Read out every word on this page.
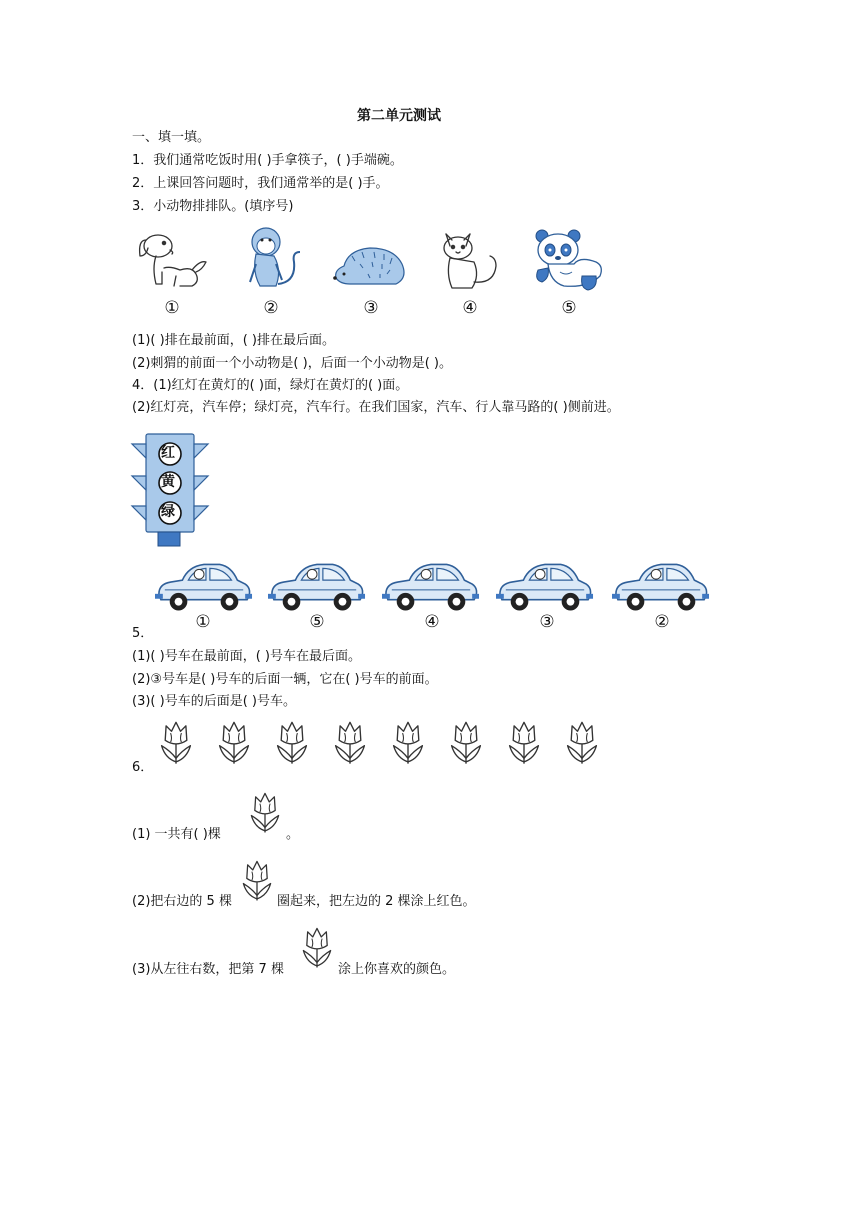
第二单元测试
一、填一填。
1．我们通常吃饭时用( )手拿筷子，( )手端碗。
2．上课回答问题时，我们通常举的是( )手。
3．小动物排排队。(填序号)
①	②	③	④	⑤
(1)( )排在最前面，( )排在最后面。
(2)刺猬的前面一个小动物是( )，后面一个小动物是( )。
4．(1)红灯在黄灯的( )面，绿灯在黄灯的( )面。
(2)红灯亮，汽车停；绿灯亮，汽车行。在我们国家，汽车、行人靠马路的( )侧前进。
红
黄
绿
5．
①	⑤	④	③	②
(1)( )号车在最前面，( )号车在最后面。
(2)③号车是( )号车的后面一辆，它在( )号车的前面。
(3)( )号车的后面是( )号车。
6．
(1) 一共有( )棵	。
(2)把右边的 5 棵	圈起来，把左边的 2 棵涂上红色。
(3)从左往右数，把第 7 棵	涂上你喜欢的颜色。
